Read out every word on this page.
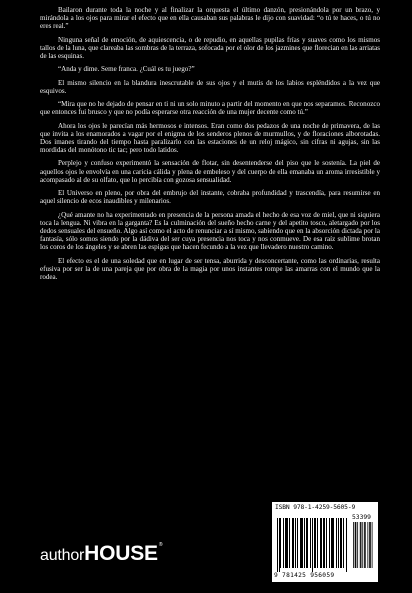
Bailaron durante toda la noche y al finalizar la orquesta el último danzón, presionándola por un brazo, y mirándola a los ojos para mirar el efecto que en ella causaban sus palabras le dijo con suavidad: “o tú te haces, o tú no eres real.”

Ninguna señal de emoción, de aquiescencia, o de repudio, en aquellas pupilas frías y suaves como los mismos tallos de la luna, que clareaba las sombras de la terraza, sofocada por el olor de los jazmines que florecian en las arriatas de las esquinas.

“Anda y dime. Seme franca. ¿Cuál es tu juego?”

El mismo silencio en la blandura inescrutable de sus ojos y el mutis de los labios espléndidos a la vez que esquivos.

“Mira que no he dejado de pensar en ti ni un solo minuto a partir del momento en que nos separamos. Reconozco que entonces fui brusco y que no podía esperarse otra reacción de una mujer decente como tú.”

Ahora los ojos le parecían más hermosos e intensos. Eran como dos pedazos de una noche de primavera, de las que invita a los enamorados a vagar por el enigma de los senderos plenos de murmullos, y de floraciones alborotadas. Dos imanes tirando del tiempo hasta paralizarlo con las estaciones de un reloj mágico, sin cifras ni agujas, sin las mordidas del monótono tic tac; pero todo latidos.

Perplejo y confuso experimentó la sensación de flotar, sin desentenderse del piso que le sostenía. La piel de aquellos ojos le envolvía en una caricia cálida y plena de embeleso y del cuerpo de ella emanaba un aroma irresistible y acompasado al de su olfato, que lo percibía con gozosa sensualidad.

El Universo en pleno, por obra del embrujo del instante, cobraba profundidad y trascendía, para resumirse en aquel silencio de ecos inaudibles y milenarios.

¿Qué amante no ha experimentado en presencia de la persona amada el hecho de esa voz de miel, que ni siquiera toca la lengua. Ni vibra en la garganta? Es la culminación del sueño hecho carne y del apetito tosco, aletargado por los dedos sensuales del ensueño. Algo así como el acto de renunciar a sí mismo, sabiendo que en la absorción dictada por la fantasía, sólo somos siendo por la dádiva del ser cuya presencia nos toca y nos conmueve. De esa raíz sublime brotan los coros de los ángeles y se abren las espigas que hacen fecundo a la vez que llevadero nuestro camino.

El efecto es el de una soledad que en lugar de ser tensa, aburrida y desconcertante, como las ordinarias, resulta efusiva por ser la de una pareja que por obra de la magia por unos instantes rompe las amarras con el mundo que la rodea.

authorHOUSE®
ISBN 978-1-4259-5605-9
53399
9 781425 956059
